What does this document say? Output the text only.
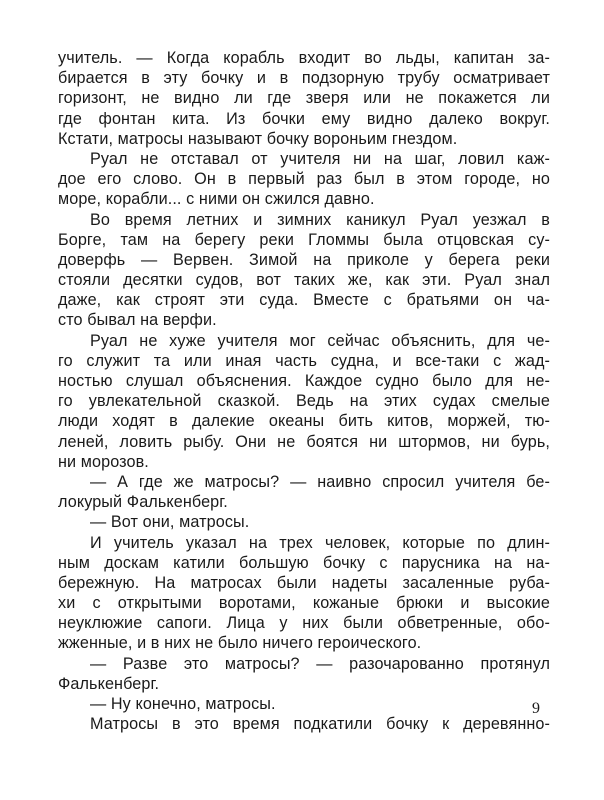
учитель. — Когда корабль входит во льды, капитан за-
бирается в эту бочку и в подзорную трубу осматривает
горизонт, не видно ли где зверя или не покажется ли
где фонтан кита. Из бочки ему видно далеко вокруг.
Кстати, матросы называют бочку вороньим гнездом.
Руал не отставал от учителя ни на шаг, ловил каж-
дое его слово. Он в первый раз был в этом городе, но
море, корабли... с ними он сжился давно.
Во время летних и зимних каникул Руал уезжал в
Борге, там на берегу реки Гломмы была отцовская су-
доверфь — Вервен. Зимой на приколе у берега реки
стояли десятки судов, вот таких же, как эти. Руал знал
даже, как строят эти суда. Вместе с братьями он ча-
сто бывал на верфи.
Руал не хуже учителя мог сейчас объяснить, для че-
го служит та или иная часть судна, и все-таки с жад-
ностью слушал объяснения. Каждое судно было для не-
го увлекательной сказкой. Ведь на этих судах смелые
люди ходят в далекие океаны бить китов, моржей, тю-
леней, ловить рыбу. Они не боятся ни штормов, ни бурь,
ни морозов.
— А где же матросы? — наивно спросил учителя бе-
локурый Фалькенберг.
— Вот они, матросы.
И учитель указал на трех человек, которые по длин-
ным доскам катили большую бочку с парусника на на-
бережную. На матросах были надеты засаленные руба-
хи с открытыми воротами, кожаные брюки и высокие
неуклюжие сапоги. Лица у них были обветренные, обо-
жженные, и в них не было ничего героического.
— Разве это матросы? — разочарованно протянул
Фалькенберг.
— Ну конечно, матросы.
Матросы в это время подкатили бочку к деревянно-
9
